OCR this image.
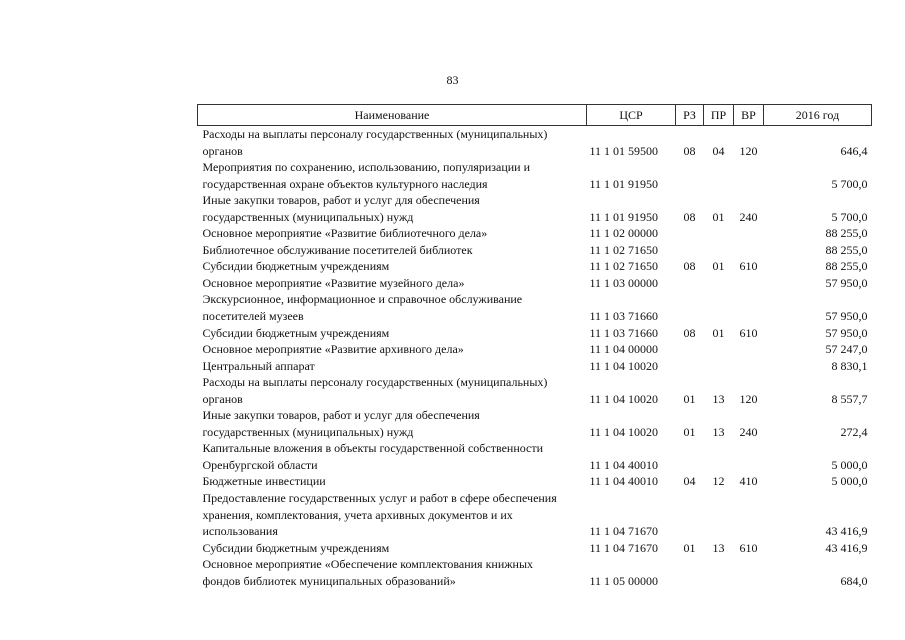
83
Наименование	ЦСР	РЗ	ПР	ВР	2016 год

Расходы на выплаты персоналу государственных (муниципальных)
органов	11 1 01 59500	08	04	120	646,4

Мероприятия по сохранению, использованию, популяризации и
государственная охране объектов культурного наследия	11 1 01 91950				5 700,0

Иные закупки товаров, работ и услуг для обеспечения
государственных (муниципальных) нужд	11 1 01 91950	08	01	240	5 700,0

Основное мероприятие «Развитие библиотечного дела»	11 1 02 00000				88 255,0

Библиотечное обслуживание посетителей библиотек	11 1 02 71650				88 255,0

Субсидии бюджетным учреждениям	11 1 02 71650	08	01	610	88 255,0

Основное мероприятие «Развитие музейного дела»	11 1 03 00000				57 950,0

Экскурсионное, информационное и справочное обслуживание
посетителей музеев	11 1 03 71660				57 950,0

Субсидии бюджетным учреждениям	11 1 03 71660	08	01	610	57 950,0

Основное мероприятие «Развитие архивного дела»	11 1 04 00000				57 247,0

Центральный аппарат	11 1 04 10020				8 830,1

Расходы на выплаты персоналу государственных (муниципальных)
органов	11 1 04 10020	01	13	120	8 557,7

Иные закупки товаров, работ и услуг для обеспечения
государственных (муниципальных) нужд	11 1 04 10020	01	13	240	272,4

Капитальные вложения в объекты государственной собственности
Оренбургской области	11 1 04 40010				5 000,0

Бюджетные инвестиции	11 1 04 40010	04	12	410	5 000,0

Предоставление государственных услуг и работ в сфере обеспечения
хранения, комплектования, учета архивных документов и их
использования	11 1 04 71670				43 416,9

Субсидии бюджетным учреждениям	11 1 04 71670	01	13	610	43 416,9

Основное мероприятие «Обеспечение комплектования книжных
фондов библиотек муниципальных образований»	11 1 05 00000				684,0
